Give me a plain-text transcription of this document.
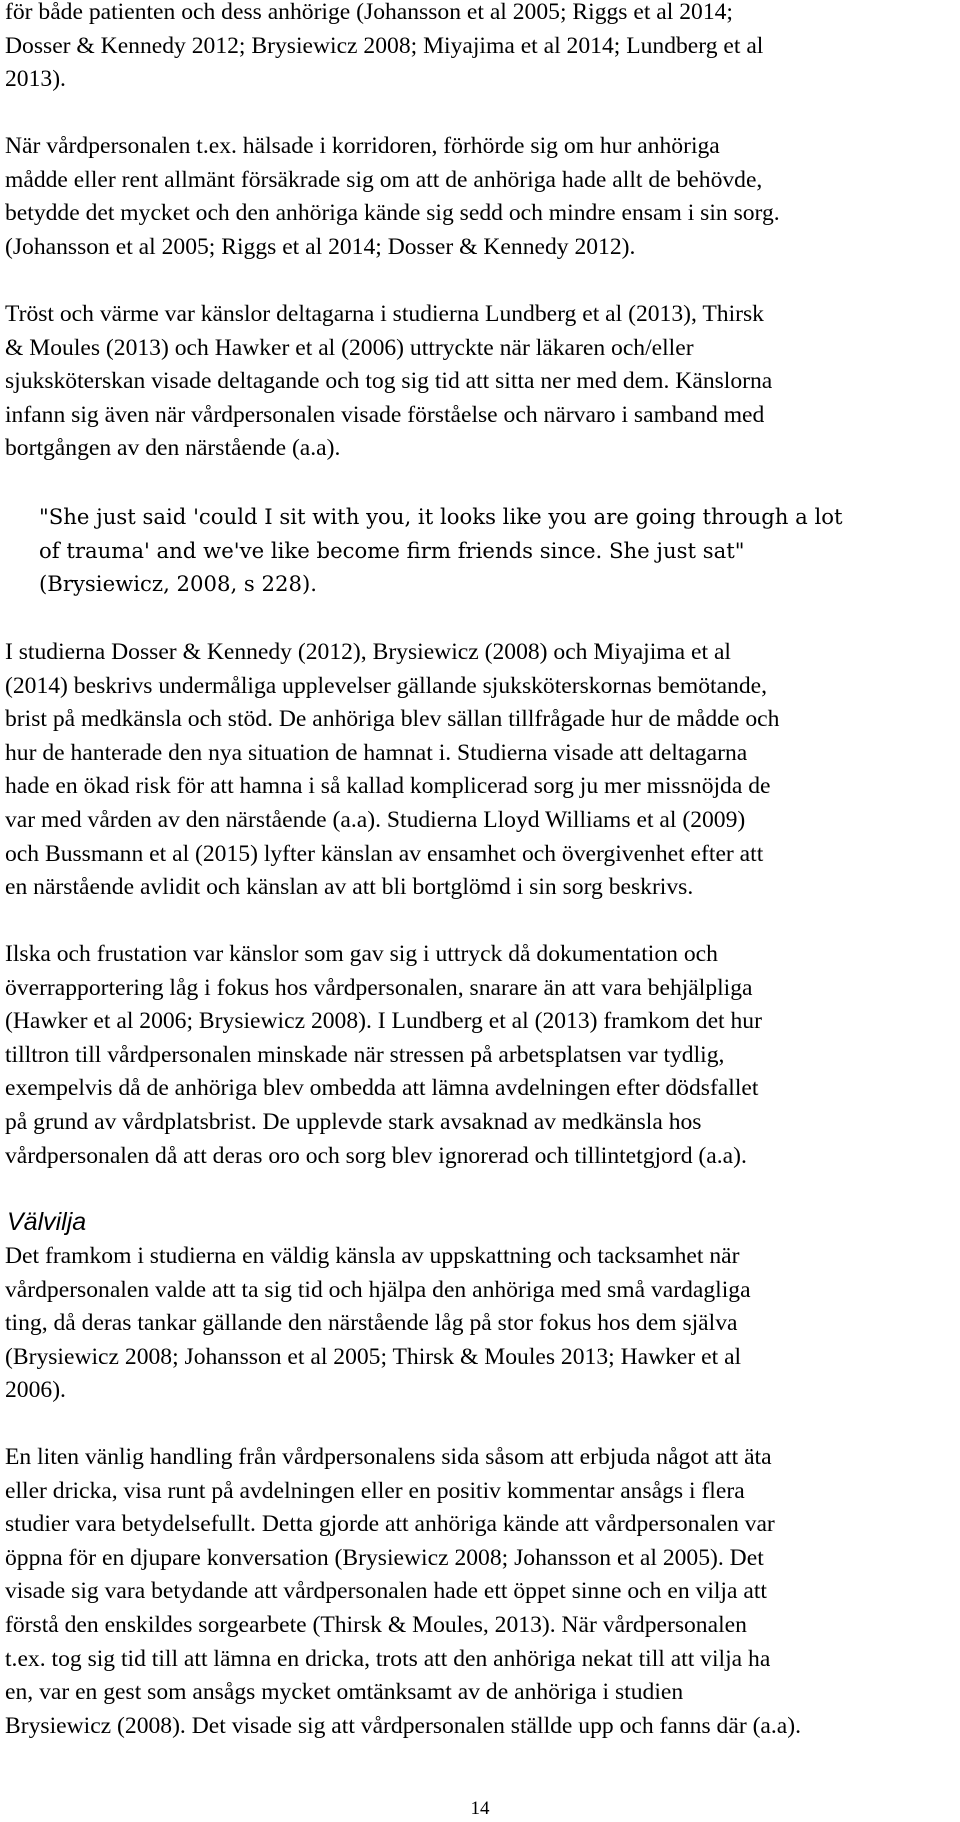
för både patienten och dess anhörige (Johansson et al 2005; Riggs et al 2014;
Dosser & Kennedy 2012; Brysiewicz 2008; Miyajima et al 2014; Lundberg et al
2013).

När vårdpersonalen t.ex. hälsade i korridoren, förhörde sig om hur anhöriga
mådde eller rent allmänt försäkrade sig om att de anhöriga hade allt de behövde,
betydde det mycket och den anhöriga kände sig sedd och mindre ensam i sin sorg.
(Johansson et al 2005; Riggs et al 2014; Dosser & Kennedy 2012).

Tröst och värme var känslor deltagarna i studierna Lundberg et al (2013), Thirsk
& Moules (2013) och Hawker et al (2006) uttryckte när läkaren och/eller
sjuksköterskan visade deltagande och tog sig tid att sitta ner med dem. Känslorna
infann sig även när vårdpersonalen visade förståelse och närvaro i samband med
bortgången av den närstående (a.a).

"She just said 'could I sit with you, it looks like you are going through a lot
of trauma' and we've like become firm friends since. She just sat"
(Brysiewicz, 2008, s 228).

I studierna Dosser & Kennedy (2012), Brysiewicz (2008) och Miyajima et al
(2014) beskrivs undermåliga upplevelser gällande sjuksköterskornas bemötande,
brist på medkänsla och stöd. De anhöriga blev sällan tillfrågade hur de mådde och
hur de hanterade den nya situation de hamnat i. Studierna visade att deltagarna
hade en ökad risk för att hamna i så kallad komplicerad sorg ju mer missnöjda de
var med vården av den närstående (a.a). Studierna Lloyd Williams et al (2009)
och Bussmann et al (2015) lyfter känslan av ensamhet och övergivenhet efter att
en närstående avlidit och känslan av att bli bortglömd i sin sorg beskrivs.

Ilska och frustation var känslor som gav sig i uttryck då dokumentation och
överrapportering låg i fokus hos vårdpersonalen, snarare än att vara behjälpliga
(Hawker et al 2006; Brysiewicz 2008). I Lundberg et al (2013) framkom det hur
tilltron till vårdpersonalen minskade när stressen på arbetsplatsen var tydlig,
exempelvis då de anhöriga blev ombedda att lämna avdelningen efter dödsfallet
på grund av vårdplatsbrist. De upplevde stark avsaknad av medkänsla hos
vårdpersonalen då att deras oro och sorg blev ignorerad och tillintetgjord (a.a).

Välvilja

Det framkom i studierna en väldig känsla av uppskattning och tacksamhet när
vårdpersonalen valde att ta sig tid och hjälpa den anhöriga med små vardagliga
ting, då deras tankar gällande den närstående låg på stor fokus hos dem själva
(Brysiewicz 2008; Johansson et al 2005; Thirsk & Moules 2013; Hawker et al
2006).

En liten vänlig handling från vårdpersonalens sida såsom att erbjuda något att äta
eller dricka, visa runt på avdelningen eller en positiv kommentar ansågs i flera
studier vara betydelsefullt. Detta gjorde att anhöriga kände att vårdpersonalen var
öppna för en djupare konversation (Brysiewicz 2008; Johansson et al 2005). Det
visade sig vara betydande att vårdpersonalen hade ett öppet sinne och en vilja att
förstå den enskildes sorgearbete (Thirsk & Moules, 2013). När vårdpersonalen
t.ex. tog sig tid till att lämna en dricka, trots att den anhöriga nekat till att vilja ha
en, var en gest som ansågs mycket omtänksamt av de anhöriga i studien
Brysiewicz (2008). Det visade sig att vårdpersonalen ställde upp och fanns där (a.a).

14
